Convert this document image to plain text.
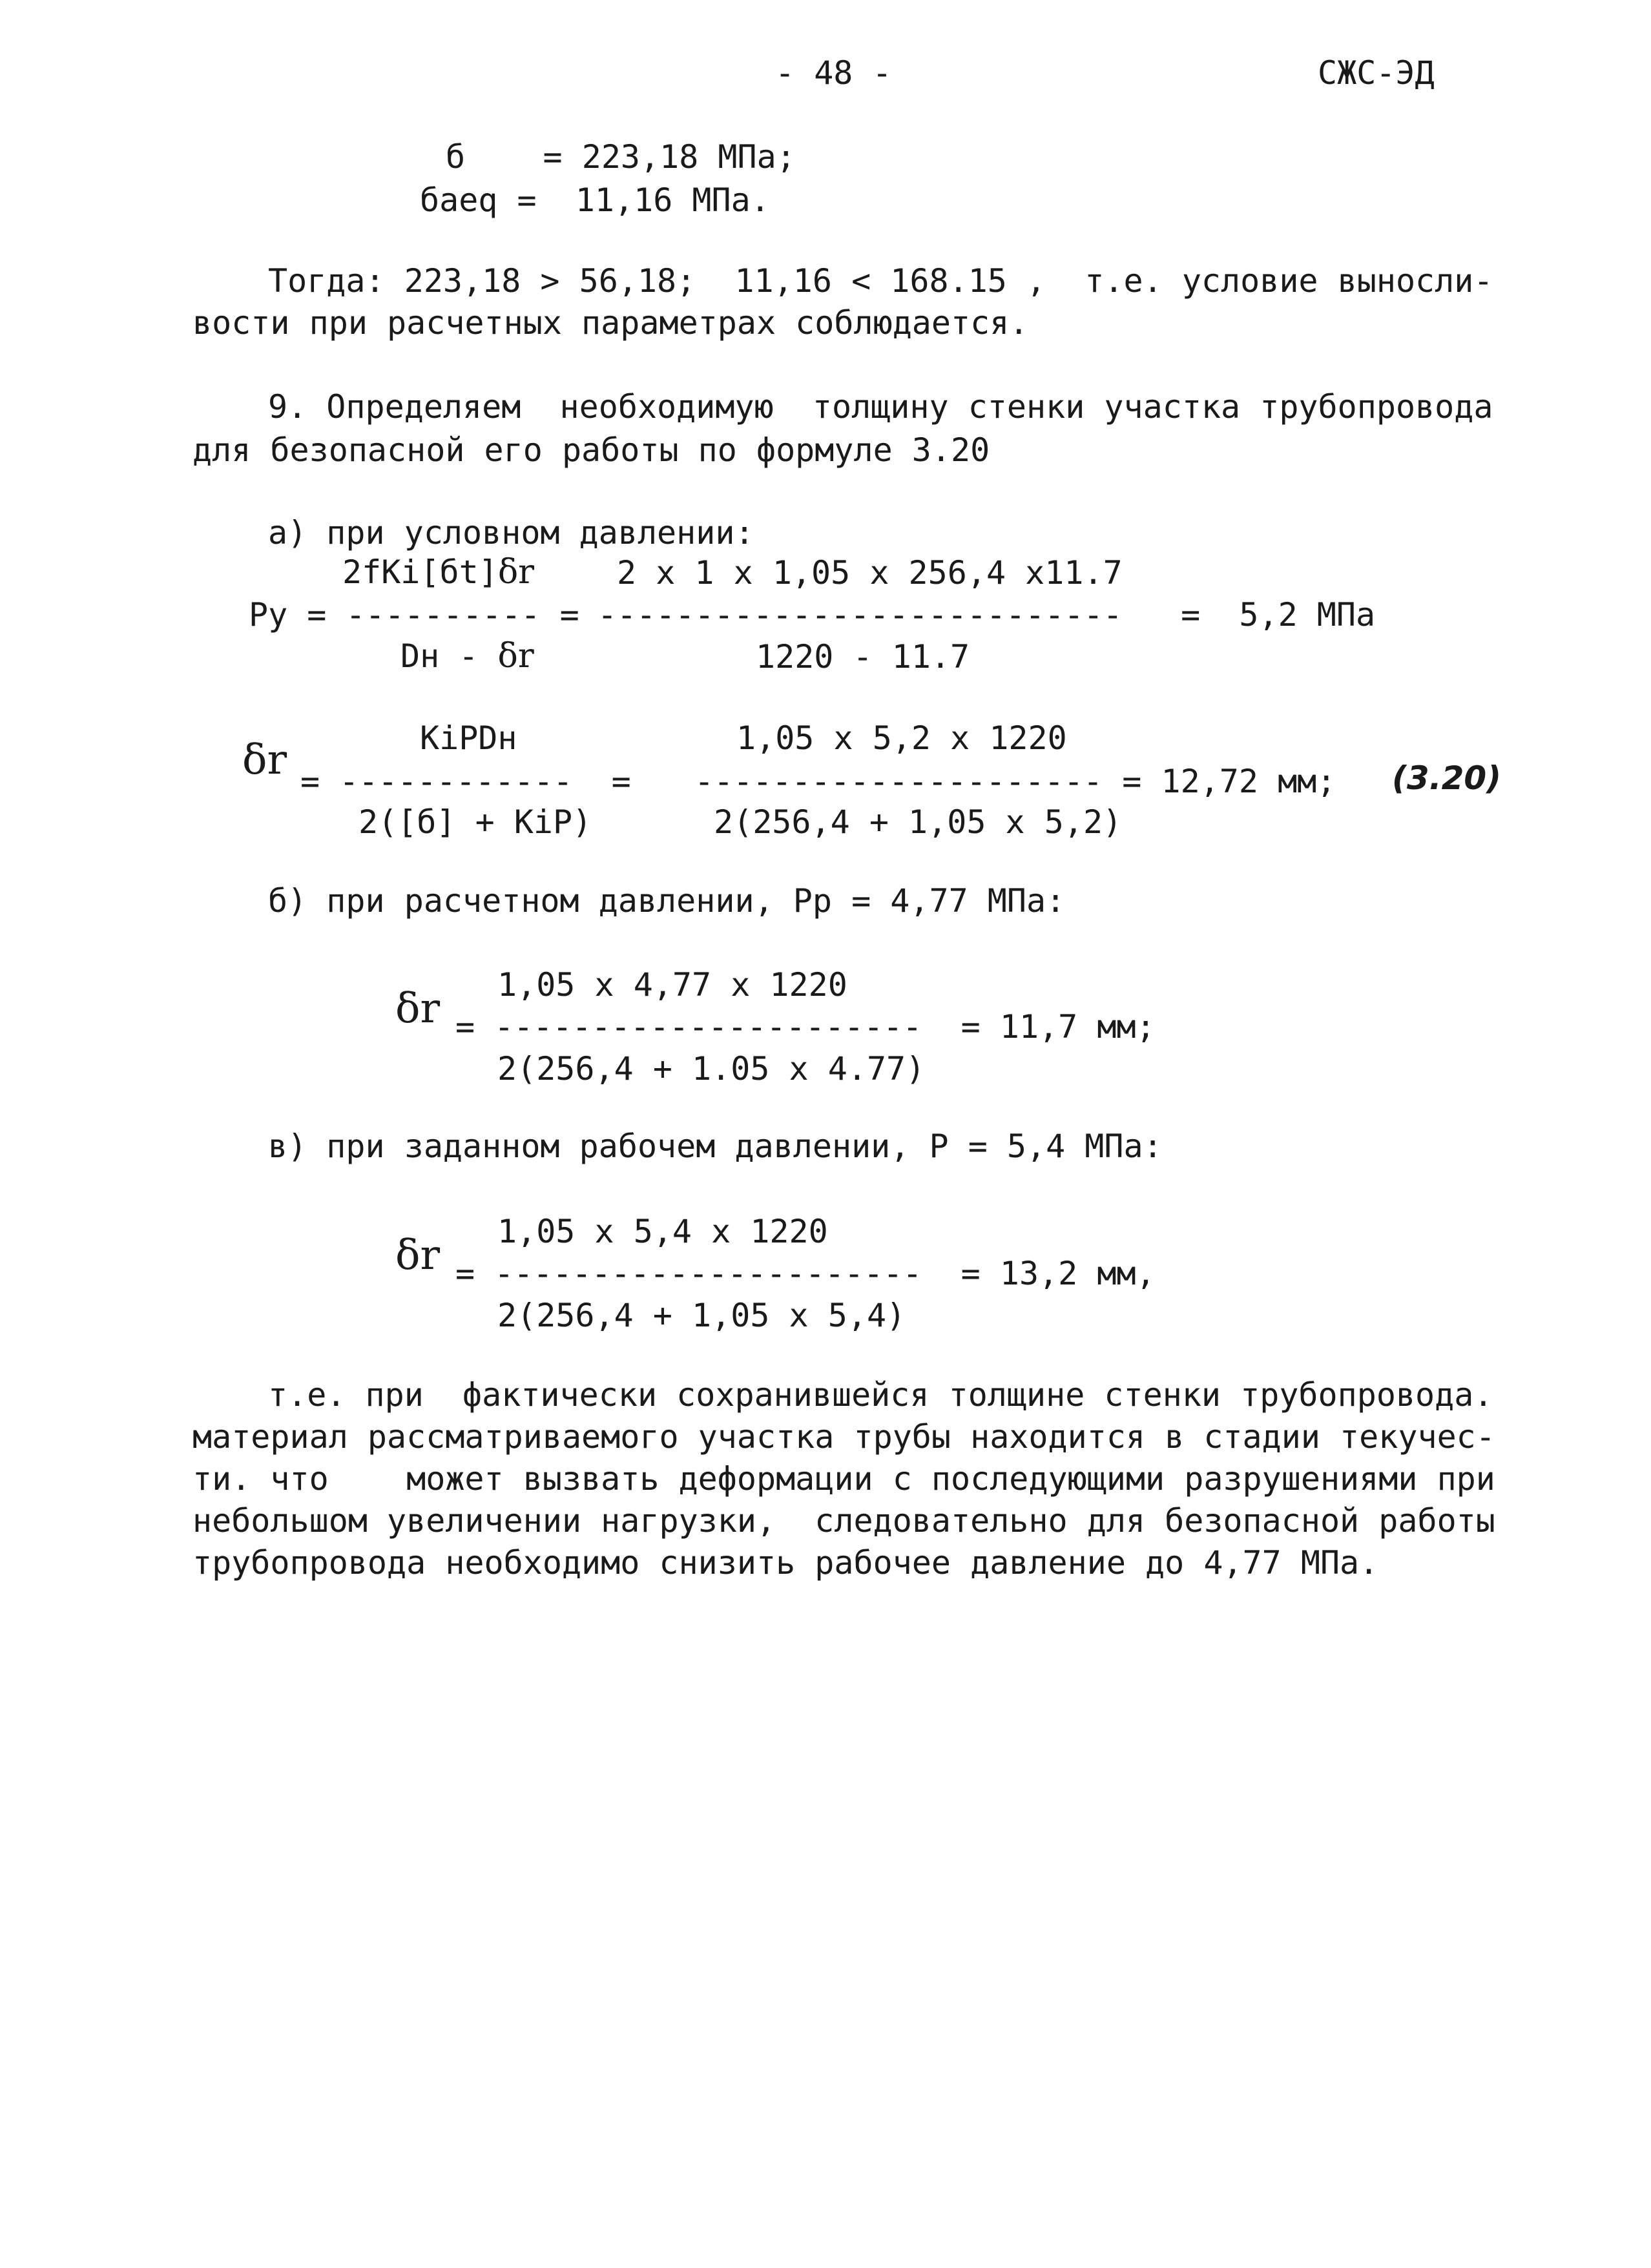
- 48 -	СЖС-ЭД
б    = 223,18 МПа;
бaeq =  11,16 МПа.
Тогда: 223,18 > 56,18;  11,16 < 168.15 ,  т.е. условие выносли-
вости при расчетных параметрах соблюдается.
9. Определяем  необходимую  толщину стенки участка трубопровода
для безопасной его работы по формуле 3.20
а) при условном давлении:
2fKi[бt]δr
Py = ---------- =
Dн - δr
2 x 1 x 1,05 x 256,4 x11.7
---------------------------   =  5,2 МПа
1220 - 11.7
δr	KiPDн
= ------------  =
2([б] + KiP)
1,05 x 5,2 x 1220
--------------------- = 12,72 мм;
2(256,4 + 1,05 x 5,2)
(3.20)
б) при расчетном давлении, Pp = 4,77 МПа:
δr 1,05 x 4,77 x 1220
= ----------------------  = 11,7 мм;
2(256,4 + 1.05 x 4.77)
в) при заданном рабочем давлении, P = 5,4 МПа:
δr 1,05 x 5,4 x 1220
= ----------------------  = 13,2 мм,
2(256,4 + 1,05 x 5,4)
т.е. при  фактически сохранившейся толщине стенки трубопровода.
материал рассматриваемого участка трубы находится в стадии текучес-
ти. что    может вызвать деформации с последующими разрушениями при
небольшом увеличении нагрузки,  следовательно для безопасной работы
трубопровода необходимо снизить рабочее давление до 4,77 МПа.
